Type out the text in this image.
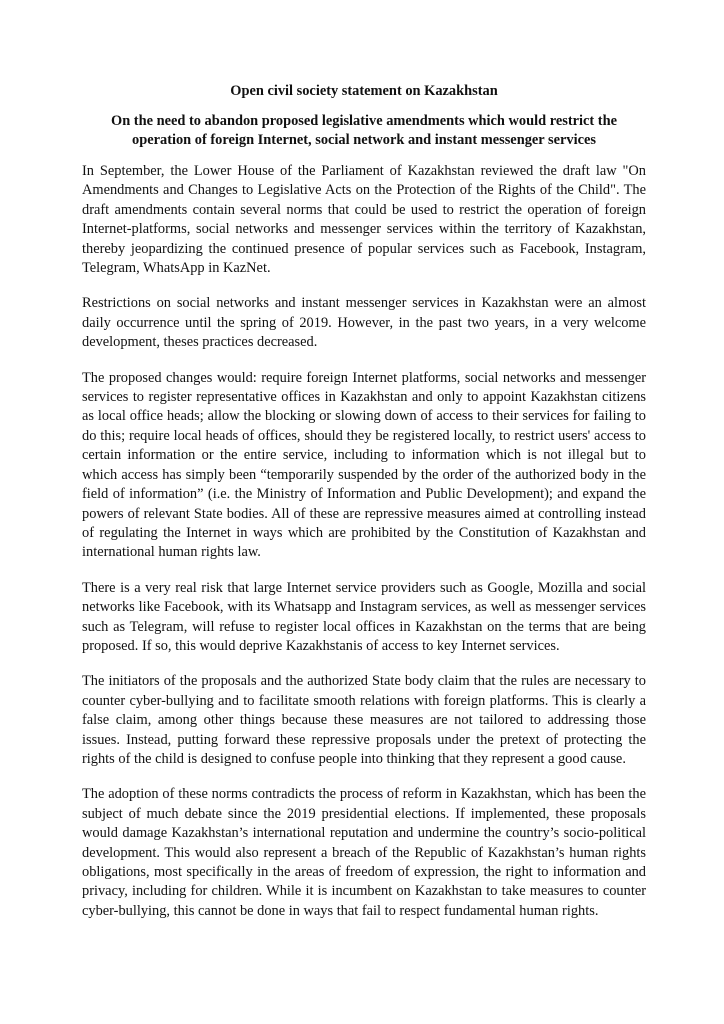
Open civil society statement on Kazakhstan
On the need to abandon proposed legislative amendments which would restrict the operation of foreign Internet, social network and instant messenger services

In September, the Lower House of the Parliament of Kazakhstan reviewed the draft law "On Amendments and Changes to Legislative Acts on the Protection of the Rights of the Child". The draft amendments contain several norms that could be used to restrict the operation of foreign Internet-platforms, social networks and messenger services within the territory of Kazakhstan, thereby jeopardizing the continued presence of popular services such as Facebook, Instagram, Telegram, WhatsApp in KazNet.

Restrictions on social networks and instant messenger services in Kazakhstan were an almost daily occurrence until the spring of 2019. However, in the past two years, in a very welcome development, theses practices decreased.

The proposed changes would: require foreign Internet platforms, social networks and messenger services to register representative offices in Kazakhstan and only to appoint Kazakhstan citizens as local office heads; allow the blocking or slowing down of access to their services for failing to do this; require local heads of offices, should they be registered locally, to restrict users' access to certain information or the entire service, including to information which is not illegal but to which access has simply been “temporarily suspended by the order of the authorized body in the field of information” (i.e. the Ministry of Information and Public Development); and expand the powers of relevant State bodies. All of these are repressive measures aimed at controlling instead of regulating the Internet in ways which are prohibited by the Constitution of Kazakhstan and international human rights law.

There is a very real risk that large Internet service providers such as Google, Mozilla and social networks like Facebook, with its Whatsapp and Instagram services, as well as messenger services such as Telegram, will refuse to register local offices in Kazakhstan on the terms that are being proposed. If so, this would deprive Kazakhstanis of access to key Internet services.

The initiators of the proposals and the authorized State body claim that the rules are necessary to counter cyber-bullying and to facilitate smooth relations with foreign platforms. This is clearly a false claim, among other things because these measures are not tailored to addressing those issues. Instead, putting forward these repressive proposals under the pretext of protecting the rights of the child is designed to confuse people into thinking that they represent a good cause.

The adoption of these norms contradicts the process of reform in Kazakhstan, which has been the subject of much debate since the 2019 presidential elections. If implemented, these proposals would damage Kazakhstan’s international reputation and undermine the country’s socio-political development. This would also represent a breach of the Republic of Kazakhstan’s human rights obligations, most specifically in the areas of freedom of expression, the right to information and privacy, including for children. While it is incumbent on Kazakhstan to take measures to counter cyber-bullying, this cannot be done in ways that fail to respect fundamental human rights.
